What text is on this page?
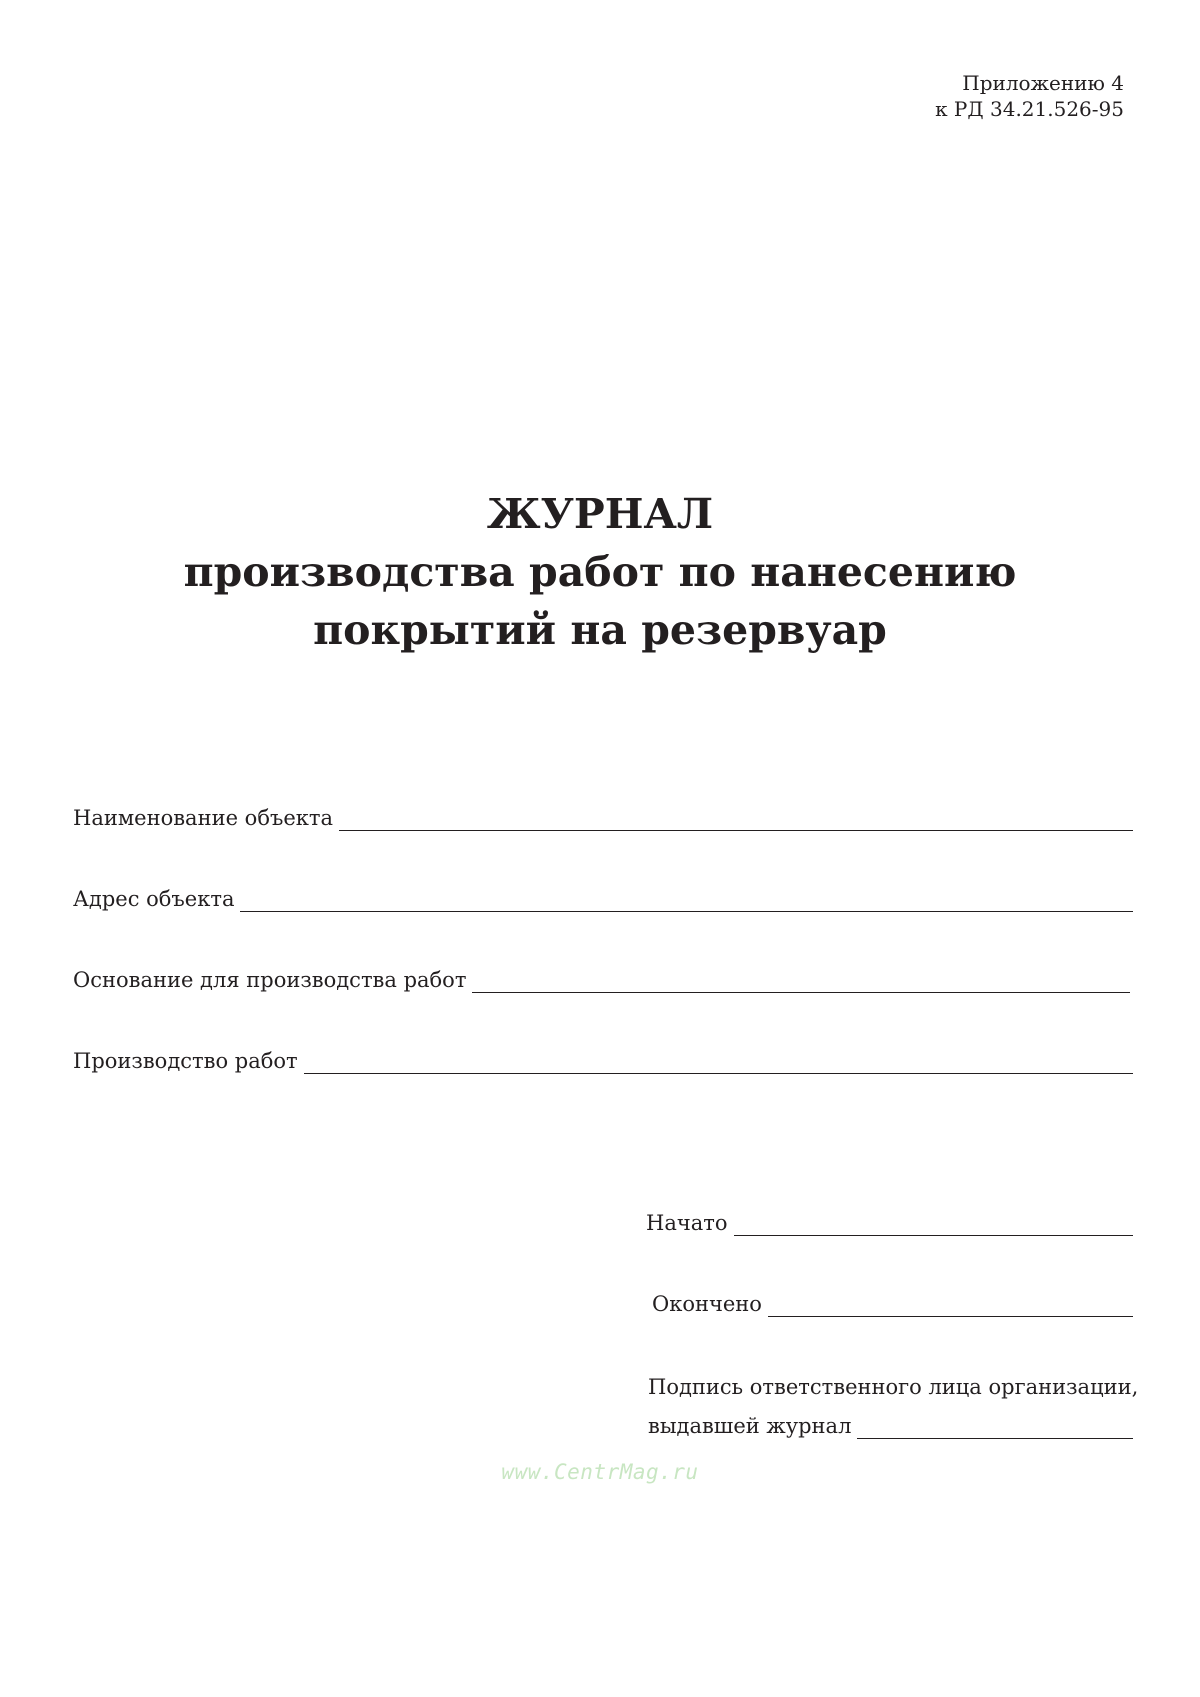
Приложению 4
к РД 34.21.526-95
ЖУРНАЛ
производства работ по нанесению
покрытий на резервуар
Наименование объекта
Адрес объекта
Основание для производства работ
Производство работ
Начато
Окончено
Подпись ответственного лица организации,
выдавшей журнал
www.CentrMag.ru
